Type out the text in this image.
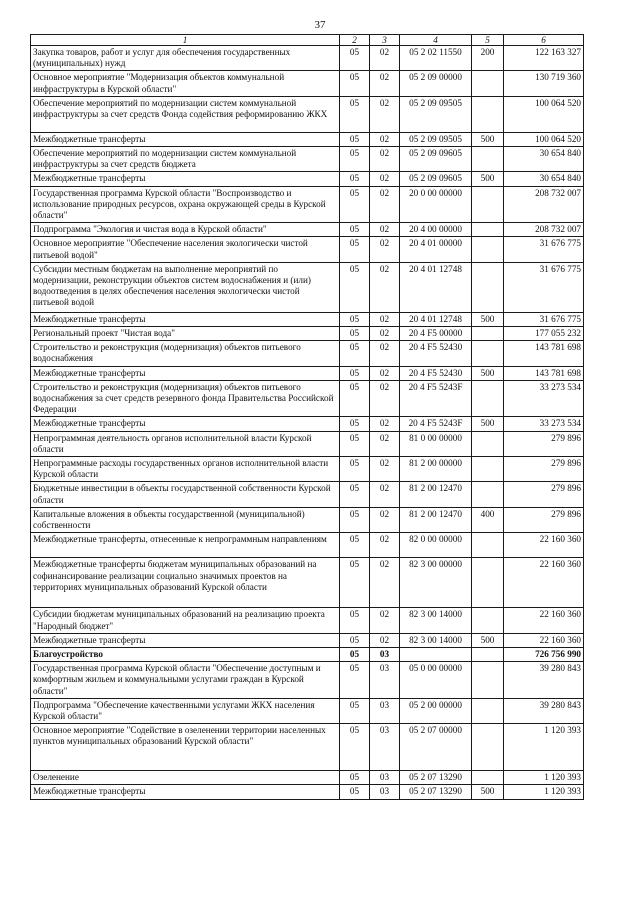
37
1	2	3	4	5	6
Закупка товаров, работ и услуг для обеспечения государственных (муниципальных) нужд	05	02	05 2 02 11550	200	122 163 327
Основное мероприятие "Модернизация объектов коммунальной инфраструктуры в Курской области"	05	02	05 2 09 00000		130 719 360
Обеспечение мероприятий по модернизации систем коммунальной инфраструктуры за счет средств Фонда содействия реформированию ЖКХ	05	02	05 2 09 09505		100 064 520
Межбюджетные трансферты	05	02	05 2 09 09505	500	100 064 520
Обеспечение мероприятий по модернизации систем коммунальной инфраструктуры за счет средств бюджета	05	02	05 2 09 09605		30 654 840
Межбюджетные трансферты	05	02	05 2 09 09605	500	30 654 840
Государственная программа Курской области "Воспроизводство и использование природных ресурсов, охрана окружающей среды в Курской области"	05	02	20 0 00 00000		208 732 007
Подпрограмма "Экология и чистая вода в Курской области"	05	02	20 4 00 00000		208 732 007
Основное мероприятие "Обеспечение населения экологически чистой питьевой водой"	05	02	20 4 01 00000		31 676 775
Субсидии местным бюджетам на выполнение мероприятий по модернизации, реконструкции объектов систем водоснабжения и (или) водоотведения в целях обеспечения населения экологически чистой питьевой водой	05	02	20 4 01 12748		31 676 775
Межбюджетные трансферты	05	02	20 4 01 12748	500	31 676 775
Региональный проект "Чистая вода"	05	02	20 4 F5 00000		177 055 232
Строительство и реконструкция (модернизация) объектов питьевого водоснабжения	05	02	20 4 F5 52430		143 781 698
Межбюджетные трансферты	05	02	20 4 F5 52430	500	143 781 698
Строительство и реконструкция (модернизация) объектов питьевого водоснабжения за счет средств резервного фонда Правительства Российской Федерации	05	02	20 4 F5 5243F		33 273 534
Межбюджетные трансферты	05	02	20 4 F5 5243F	500	33 273 534
Непрограммная деятельность органов исполнительной власти Курской области	05	02	81 0 00 00000		279 896
Непрограммные расходы государственных органов исполнительной власти Курской области	05	02	81 2 00 00000		279 896
Бюджетные инвестиции в объекты государственной собственности Курской области	05	02	81 2 00 12470		279 896
Капитальные вложения в объекты государственной (муниципальной) собственности	05	02	81 2 00 12470	400	279 896
Межбюджетные трансферты, отнесенные к непрограммным направлениям	05	02	82 0 00 00000		22 160 360
Межбюджетные трансферты бюджетам муниципальных образований на софинансирование реализации социально значимых проектов на территориях муниципальных образований Курской области	05	02	82 3 00 00000		22 160 360
Субсидии бюджетам муниципальных образований на реализацию проекта "Народный бюджет"	05	02	82 3 00 14000		22 160 360
Межбюджетные трансферты	05	02	82 3 00 14000	500	22 160 360
Благоустройство	05	03			726 756 990
Государственная программа Курской области "Обеспечение доступным и комфортным жильем и коммунальными услугами граждан в Курской области"	05	03	05 0 00 00000		39 280 843
Подпрограмма "Обеспечение качественными услугами ЖКХ населения Курской области"	05	03	05 2 00 00000		39 280 843
Основное мероприятие "Содействие в озеленении территории населенных пунктов муниципальных образований Курской области"	05	03	05 2 07 00000		1 120 393
Озеленение	05	03	05 2 07 13290		1 120 393
Межбюджетные трансферты	05	03	05 2 07 13290	500	1 120 393
